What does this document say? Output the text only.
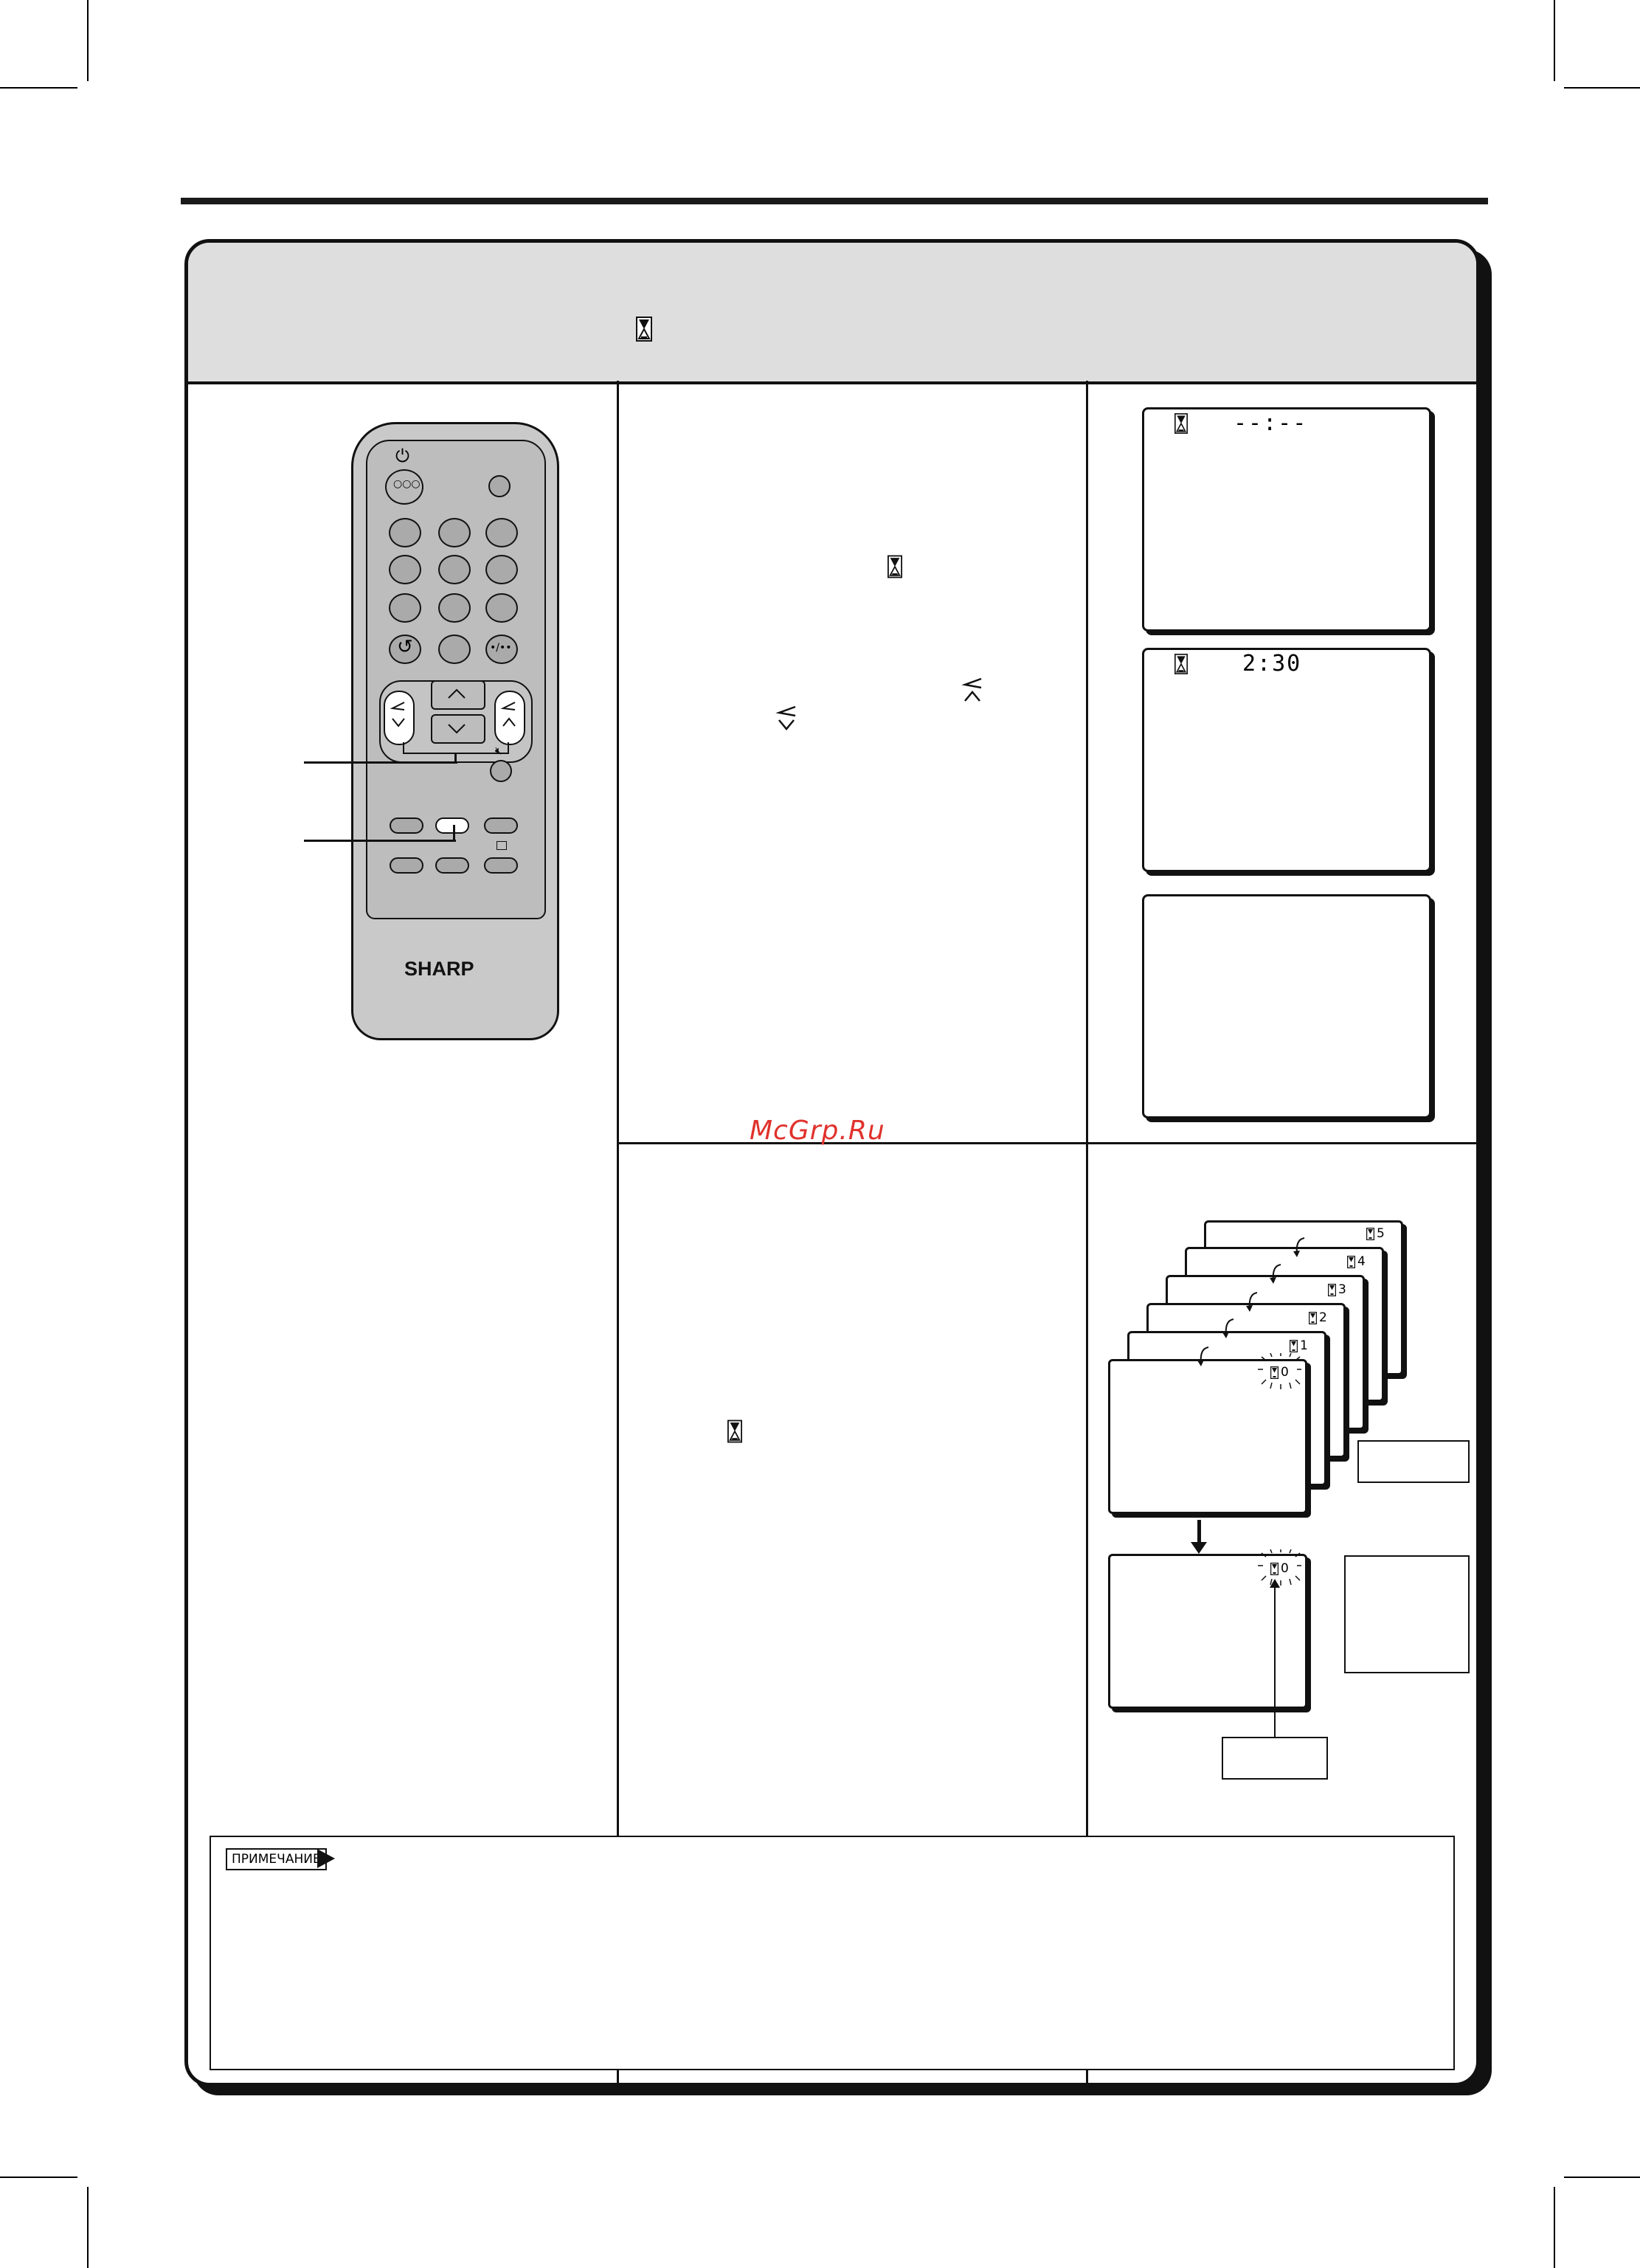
⏻
○○○
↺	•/••
🔇︎
SHARP
McGrp.Ru
--:--
2:30
5
4
3
2
1
0
0
ПРИМЕЧАНИЕ
